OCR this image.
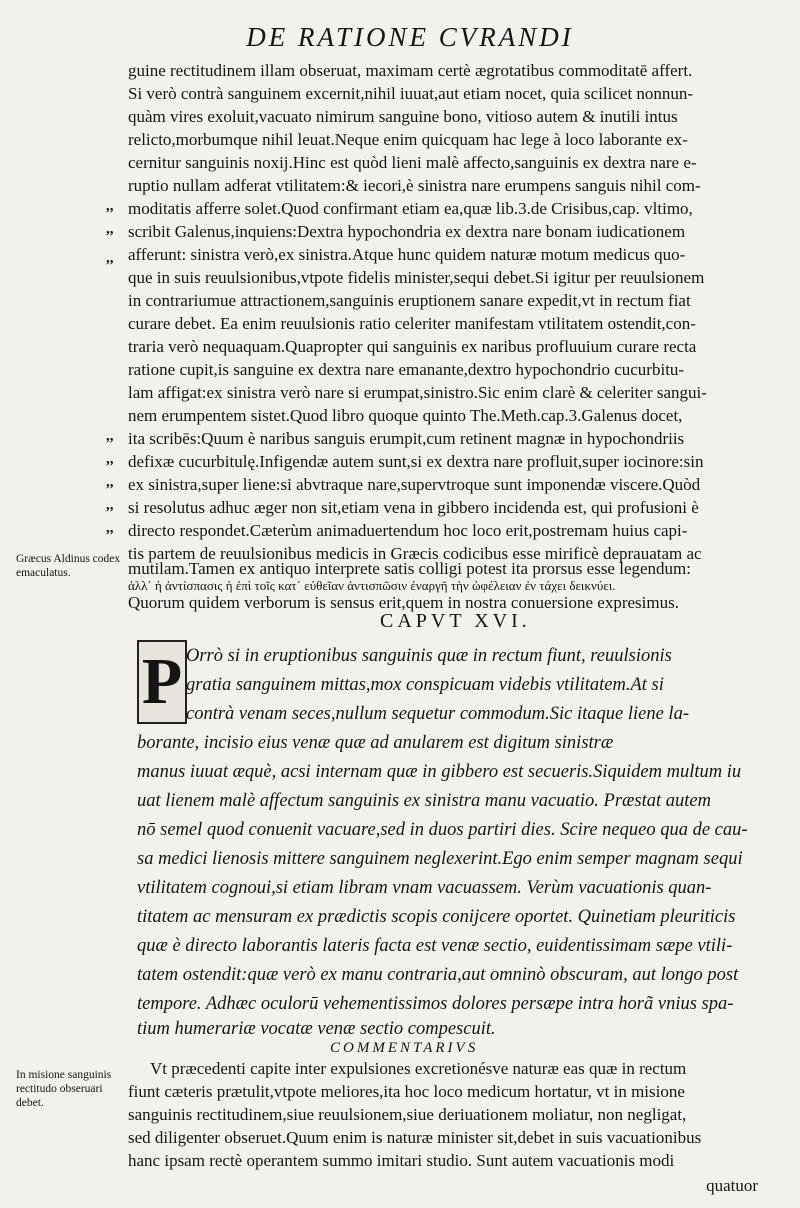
DE RATIONE CVRANDI
guine rectitudinem illam obseruat, maximam certè ægrotatibus commoditatē affert.
Si verò contrà sanguinem excernit,nihil iuuat,aut etiam nocet, quia scilicet nonnun-
quàm vires exoluit,vacuato nimirum sanguine bono, vitioso autem & inutili intus
relicto,morbumque nihil leuat.Neque enim quicquam hac lege à loco laborante ex-
cernitur sanguinis noxij.Hinc est quòd lieni malè affecto,sanguinis ex dextra nare e-
ruptio nullam adferat vtilitatem:& iecori,è sinistra nare erumpens sanguis nihil com-
moditatis afferre solet.Quod confirmant etiam ea,quæ lib.3.de Crisibus,cap. vltimo,
scribit Galenus,inquiens:Dextra hypochondria ex dextra nare bonam iudicationem
afferunt: sinistra verò,ex sinistra.Atque hunc quidem naturæ motum medicus quo-
que in suis reuulsionibus,vtpote fidelis minister,sequi debet.Si igitur per reuulsionem
in contrariumue attractionem,sanguinis eruptionem sanare expedit,vt in rectum fiat
curare debet. Ea enim reuulsionis ratio celeriter manifestam vtilitatem ostendit,con-
traria verò nequaquam.Quapropter qui sanguinis ex naribus profluuium curare recta
ratione cupit,is sanguine ex dextra nare emanante,dextro hypochondrio cucurbitu-
lam affigat:ex sinistra verò nare si erumpat,sinistro.Sic enim clarè & celeriter sangui-
nem erumpentem sistet.Quod libro quoque quinto The.Meth.cap.3.Galenus docet,
ita scribēs:Quum è naribus sanguis erumpit,cum retinent magnæ in hypochondriis
defixæ cucurbitulę.Infigendæ autem sunt,si ex dextra nare profluit,super iocinore:sin
ex sinistra,super liene:si abvtraque nare,supervtroque sunt imponendæ viscere.Quòd
si resolutus adhuc æger non sit,etiam vena in gibbero incidenda est, qui profusioni è
directo respondet.Cæterùm animaduertendum hoc loco erit,postremam huius capi-
tis partem de reuulsionibus medicis in Græcis codicibus esse mirificè deprauatam ac
mutilam.Tamen ex antiquo interprete satis colligi potest ita prorsus esse legendum:
ἀλλ᾽ ἡ ἀντίσπασις ἡ ἐπὶ τοῖς κατ᾽ εὐθεῖαν ἀντισπῶσιν ἐναργῆ τὴν ὠφέλειαν ἐν τάχει δεικνύει.
Quorum quidem verborum is sensus erit,quem in nostra conuersione expresimus.
,,
,,
,,
,,
,,
,,
,,
,,
Græcus Aldinus codex emaculatus.
CAPVT XVI.
P Orrò si in eruptionibus sanguinis quæ in rectum fiunt, reuulsionis
gratia sanguinem mittas,mox conspicuam videbis vtilitatem.At si
contrà venam seces,nullum sequetur commodum.Sic itaque liene la-
borante, incisio eius venæ quæ ad anularem est digitum sinistræ
manus iuuat æquè, acsi internam quæ in gibbero est secueris.Siquidem multum iu
uat lienem malè affectum sanguinis ex sinistra manu vacuatio. Præstat autem
nō semel quod conuenit vacuare,sed in duos partiri dies. Scire nequeo qua de cau-
sa medici lienosis mittere sanguinem neglexerint.Ego enim semper magnam sequi
vtilitatem cognoui,si etiam libram vnam vacuassem. Verùm vacuationis quan-
titatem ac mensuram ex prædictis scopis conijcere oportet. Quinetiam pleuriticis
quæ è directo laborantis lateris facta est venæ sectio, euidentissimam sæpe vtili-
tatem ostendit:quæ verò ex manu contraria,aut omninò obscuram, aut longo post
tempore. Adhæc oculorū vehementissimos dolores persæpe intra horã vnius spa-
tium humerariæ vocatæ venæ sectio compescuit.
COMMENTARIVS
In misione sanguinis rectitudo obseruari debet.
Vt præcedenti capite inter expulsiones excretionésve naturæ eas quæ in rectum
fiunt cæteris prætulit,vtpote meliores,ita hoc loco medicum hortatur, vt in misione
sanguinis rectitudinem,siue reuulsionem,siue deriuationem moliatur, non negligat,
sed diligenter obseruet.Quum enim is naturæ minister sit,debet in suis vacuationibus
hanc ipsam rectè operantem summo imitari studio. Sunt autem vacuationis modi
quatuor
